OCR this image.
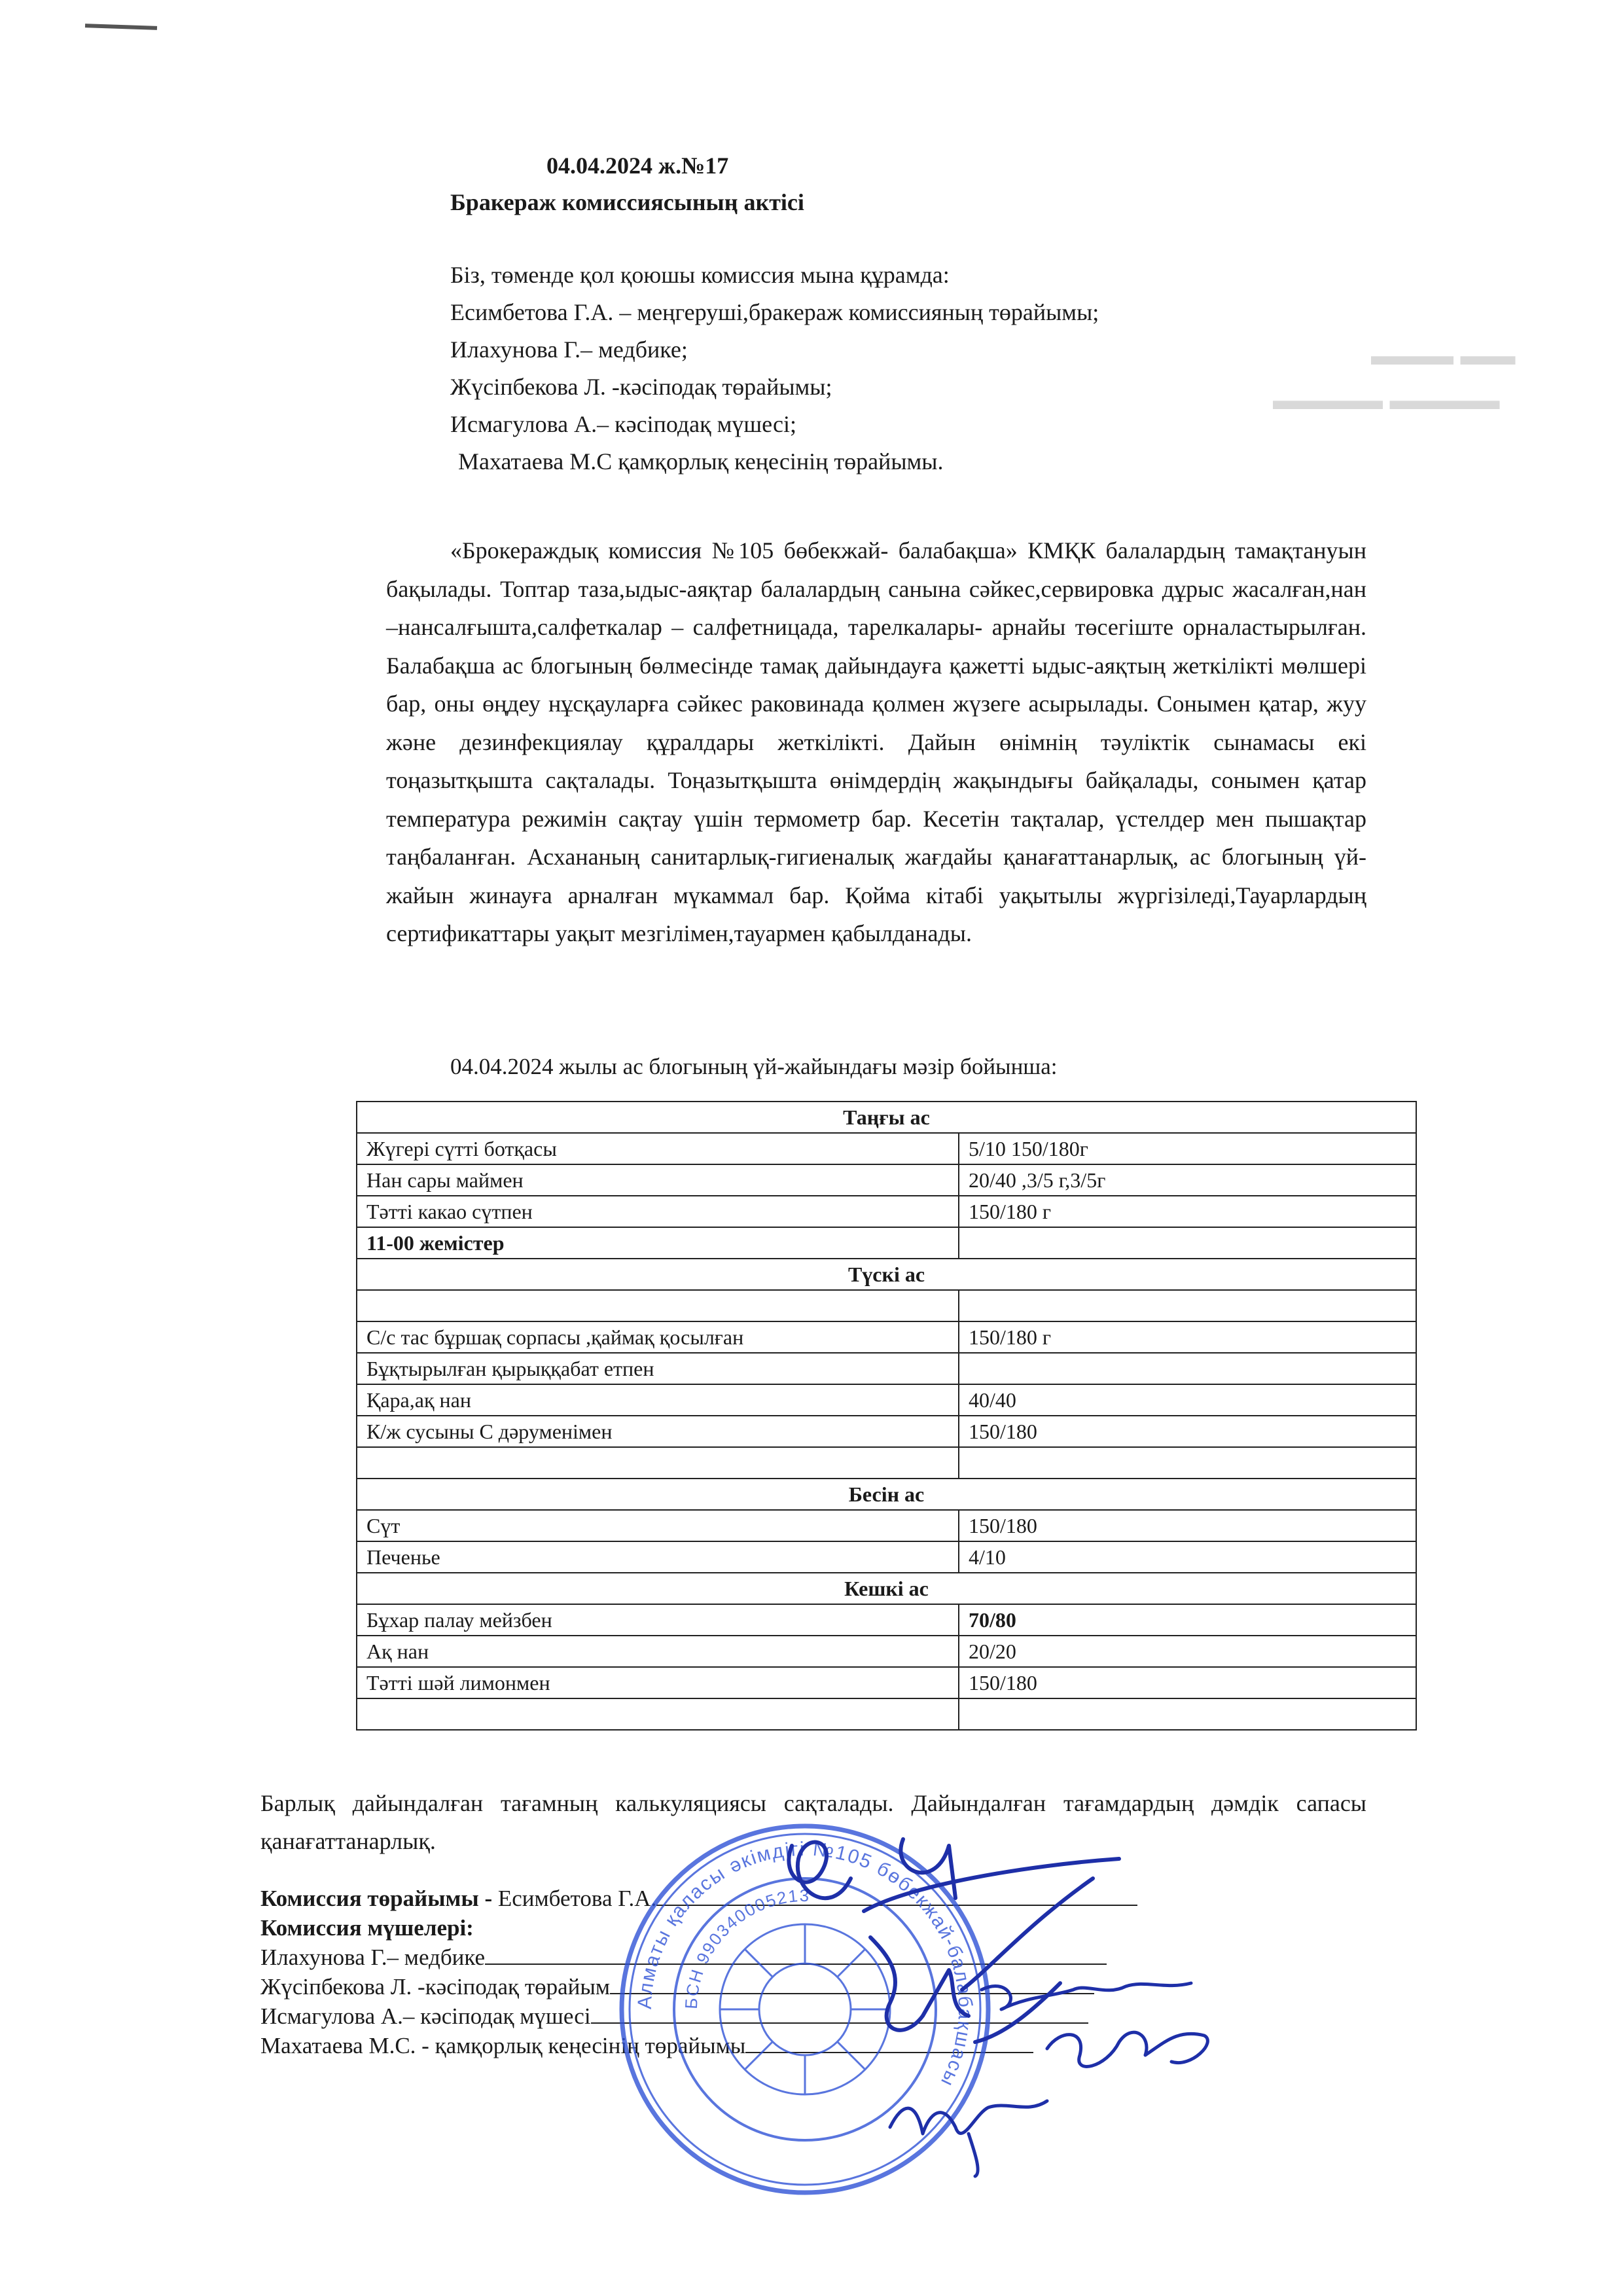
▬▬▬ ▬▬
▬▬▬▬ ▬▬▬▬
04.04.2024 ж.№17
Бракераж комиссиясының актісі
Біз, төменде қол қоюшы комиссия мына құрамда:
Есимбетова Г.А. – меңгеруші,бракераж комиссияның төрайымы;
Илахунова Г.– медбике;
Жүсіпбекова Л. -кәсіподақ төрайымы;
Исмагулова А.– кәсіподақ мүшесі;
Махатаева М.С қамқорлық кеңесінің төрайымы.

«Брокераждық комиссия №105 бөбекжай- балабақша» КМҚК балалардың тамақтануын бақылады. Топтар таза,ыдыс-аяқтар балалардың санына сәйкес,сервировка дұрыс жасалған,нан –нансалғышта,салфеткалар – салфетницада, тарелкалары- арнайы төсегіште орналастырылған. Балабақша ас блогының бөлмесінде тамақ дайындауға қажетті ыдыс-аяқтың жеткілікті мөлшері бар, оны өңдеу нұсқауларға сәйкес раковинада қолмен жүзеге асырылады. Сонымен қатар, жуу және дезинфекциялау құралдары жеткілікті. Дайын өнімнің тәуліктік сынамасы екі тоңазытқышта сақталады. Тоңазытқышта өнімдердің жақындығы байқалады, сонымен қатар температура режимін сақтау үшін термометр бар. Кесетін тақталар, үстелдер мен пышақтар таңбаланған. Асхананың санитарлық-гигиеналық жағдайы қанағаттанарлық, ас блогының үй-жайын жинауға арналған мүкаммал бар. Қойма кітабі уақытылы жүргізіледі,Тауарлардың сертификаттары уақыт мезгілімен,тауармен қабылданады.

04.04.2024 жылы ас блогының үй-жайындағы мәзір бойынша:
Таңғы ас	
Жүгері сүтті ботқасы	5/10 150/180г
Нан сары маймен	20/40 ,3/5 г,3/5г
Тәтті какао сүтпен	150/180 г
11-00 жемістер	
Түскі ас	

С/с тас бұршақ сорпасы ,қаймақ қосылған	150/180 г
Бұқтырылған қырыққабат етпен	
Қара,ақ нан	40/40
К/ж сусыны С дәруменімен	150/180

Бесін ас	
Сүт	150/180
Печенье	4/10
Кешкі ас	
Бұхар палау мейзбен	70/80
Ақ нан	20/20
Тәтті шәй лимонмен	150/180

Барлық дайындалған тағамның калькуляциясы сақталады. Дайындалған тағамдардың дәмдік сапасы қанағаттанарлық.
Комиссия төрайымы - Есимбетова Г.А.
Комиссия мүшелері:
Илахунова Г.– медбике
Жүсіпбекова Л. -кәсіподақ төрайым
Исмагулова А.– кәсіподақ мүшесі
Махатаева М.С. - қамқорлық кеңесінің төрайымы
Алматы қаласы әкімдігі №105 бөбекжай-балабақшасы
БСН 990340005213
